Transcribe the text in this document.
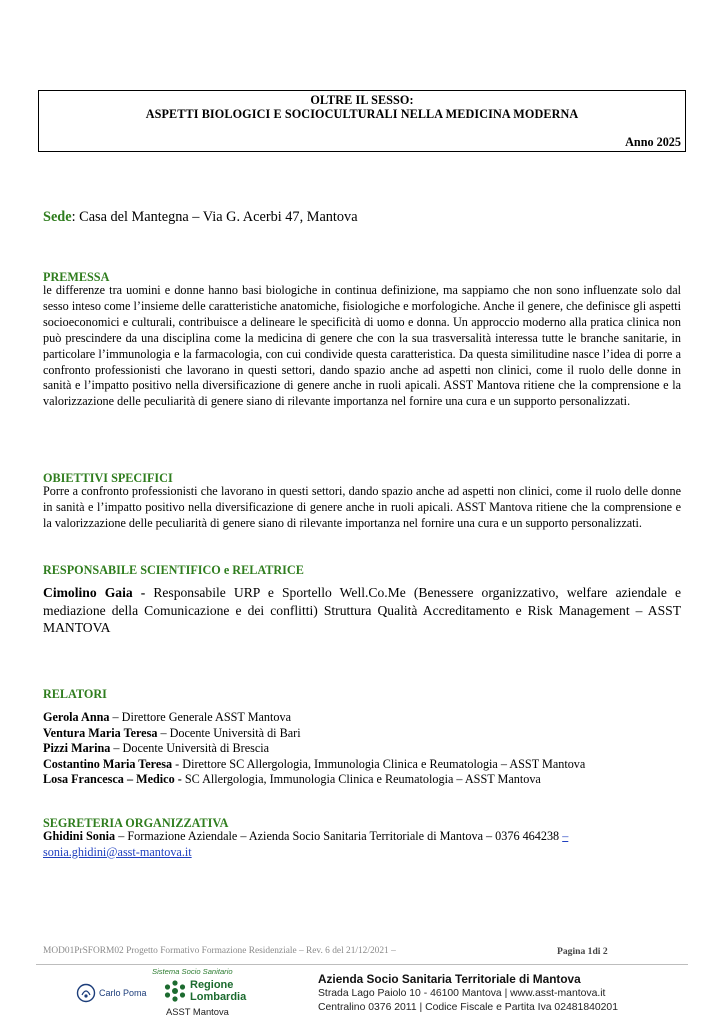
OLTRE IL SESSO:
ASPETTI BIOLOGICI E SOCIOCULTURALI NELLA MEDICINA MODERNA
Anno 2025
Sede: Casa del Mantegna – Via G. Acerbi 47, Mantova
PREMESSA
le differenze tra uomini e donne hanno basi biologiche in continua definizione, ma sappiamo che non sono influenzate solo dal sesso inteso come l’insieme delle caratteristiche anatomiche, fisiologiche e morfologiche. Anche il genere, che definisce gli aspetti socioeconomici e culturali, contribuisce a delineare le specificità di uomo e donna. Un approccio moderno alla pratica clinica non può prescindere da una disciplina come la medicina di genere che con la sua trasversalità interessa tutte le branche sanitarie, in particolare l’immunologia e la farmacologia, con cui condivide questa caratteristica. Da questa similitudine nasce l’idea di porre a confronto professionisti che lavorano in questi settori, dando spazio anche ad aspetti non clinici, come il ruolo delle donne in sanità e l’impatto positivo nella diversificazione di genere anche in ruoli apicali. ASST Mantova ritiene che la comprensione e la valorizzazione delle peculiarità di genere siano di rilevante importanza nel fornire una cura e un supporto personalizzati.
OBIETTIVI SPECIFICI
Porre a confronto professionisti che lavorano in questi settori, dando spazio anche ad aspetti non clinici, come il ruolo delle donne in sanità e l’impatto positivo nella diversificazione di genere anche in ruoli apicali. ASST Mantova ritiene che la comprensione e la valorizzazione delle peculiarità di genere siano di rilevante importanza nel fornire una cura e un supporto personalizzati.
RESPONSABILE SCIENTIFICO e RELATRICE
Cimolino Gaia - Responsabile URP e Sportello Well.Co.Me (Benessere organizzativo, welfare aziendale e mediazione della Comunicazione e dei conflitti) Struttura Qualità Accreditamento e Risk Management – ASST MANTOVA
RELATORI
Gerola Anna – Direttore Generale ASST Mantova
Ventura Maria Teresa – Docente Università di Bari
Pizzi Marina – Docente Università di Brescia
Costantino Maria Teresa - Direttore SC Allergologia, Immunologia Clinica e Reumatologia – ASST Mantova
Losa Francesca – Medico - SC Allergologia, Immunologia Clinica e Reumatologia – ASST Mantova
SEGRETERIA ORGANIZZATIVA
Ghidini Sonia – Formazione Aziendale – Azienda Socio Sanitaria Territoriale di Mantova – 0376 464238 –
sonia.ghidini@asst-mantova.it
MOD01PrSFORM02 Progetto Formativo Formazione Residenziale – Rev. 6 del 21/12/2021 –	Pagina 1di 2
Sistema Socio Sanitario
Carlo Poma
Regione
Lombardia
ASST Mantova
Azienda Socio Sanitaria Territoriale di Mantova
Strada Lago Paiolo 10 - 46100 Mantova | www.asst-mantova.it
Centralino 0376 2011 | Codice Fiscale e Partita Iva 02481840201
